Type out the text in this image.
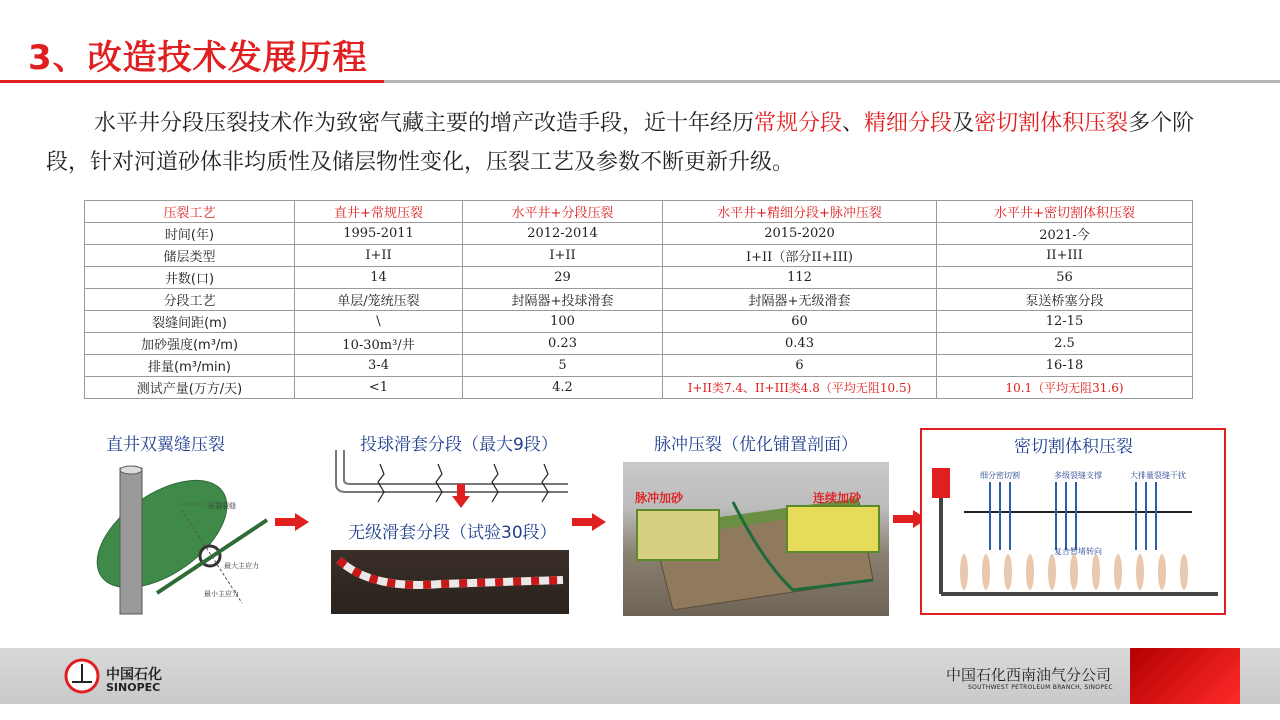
3、改造技术发展历程
水平井分段压裂技术作为致密气藏主要的增产改造手段，近十年经历常规分段、精细分段及密切割体积压裂多个阶段，针对河道砂体非均质性及储层物性变化，压裂工艺及参数不断更新升级。
压裂工艺	直井+常规压裂	水平井+分段压裂	水平井+精细分段+脉冲压裂	水平井+密切割体积压裂
时间(年)	1995-2011	2012-2014	2015-2020	2021-今
储层类型	I+II	I+II	I+II（部分II+III)	II+III
井数(口)	14	29	112	56
分段工艺	单层/笼统压裂	封隔器+投球滑套	封隔器+无级滑套	泵送桥塞分段
裂缝间距(m)	\	100	60	12-15
加砂强度(m³/m)	10-30m³/井	0.23	0.43	2.5
排量(m³/min)	3-4	5	6	16-18
测试产量(万方/天)	<1	4.2	I+II类7.4、II+III类4.8（平均无阻10.5)	10.1（平均无阻31.6)
直井双翼缝压裂
压裂裂缝
最大主应力
最小主应力
投球滑套分段（最大9段）
无级滑套分段（试验30段）
脉冲压裂（优化铺置剖面）
脉冲加砂	连续加砂
密切割体积压裂
细分密切割	多级裂缝支撑	大排量裂缝干扰
复合暂堵转向
中国石化
SINOPEC
中国石化西南油气分公司
SOUTHWEST PETROLEUM BRANCH, SINOPEC
